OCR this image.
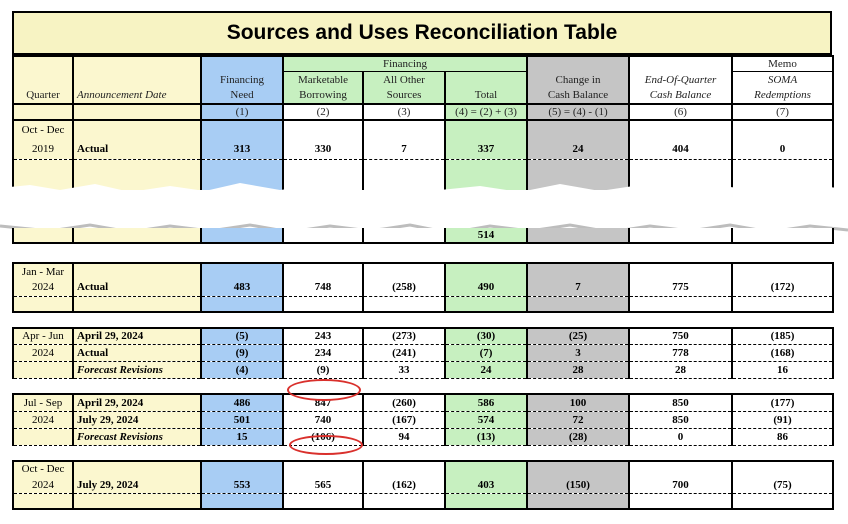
Sources and Uses Reconciliation Table
			Financing					Memo
		Financing	Marketable	All Other		Change in	End-Of-Quarter	SOMA
Quarter	Announcement Date	Need	Borrowing	Sources	Total	Cash Balance	Cash Balance	Redemptions
		(1)	(2)	(3)	(4) = (2) + (3)	(5) = (4) - (1)	(6)	(7)
Oct - Dec								
2019	Actual	313	330	7	337	24	404	0

					514			
Jan - Mar								
2024	Actual	483	748	(258)	490	7	775	(172)

Apr - Jun	April 29, 2024	(5)	243	(273)	(30)	(25)	750	(185)
2024	Actual	(9)	234	(241)	(7)	3	778	(168)
	Forecast Revisions	(4)	(9)	33	24	28	28	16

Jul - Sep	April 29, 2024	486	847	(260)	586	100	850	(177)
2024	July 29, 2024	501	740	(167)	574	72	850	(91)
	Forecast Revisions	15	(106)	94	(13)	(28)	0	86

Oct - Dec								
2024	July 29, 2024	553	565	(162)	403	(150)	700	(75)
